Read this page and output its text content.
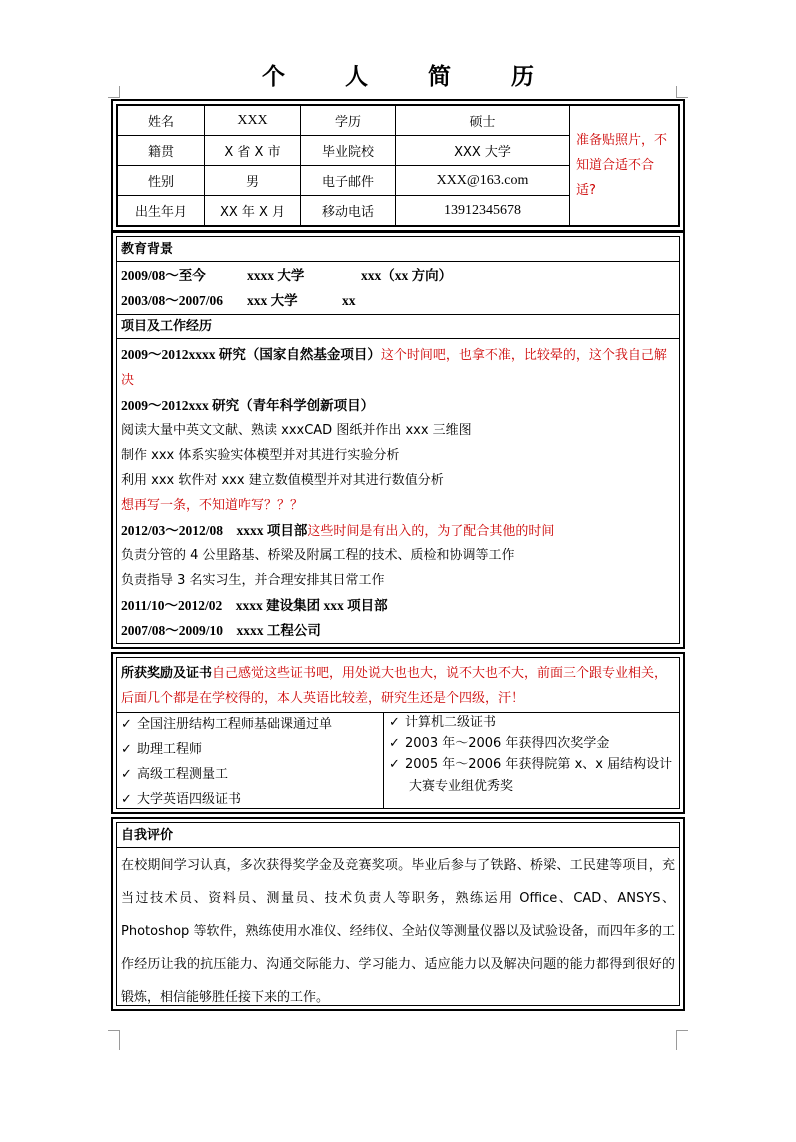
个 人 简 历
姓名	XXX	学历	硕士	准备贴照片，不知道合适不合适?
籍贯	X 省 X 市	毕业院校	XXX 大学	
性别	男	电子邮件	XXX@163.com	
出生年月	XX 年 X 月	移动电话	13912345678	
教育背景
2009/08～至今	xxxx 大学	xxx（xx 方向）
2003/08～2007/06 xxx 大学	xx
项目及工作经历
2009～2012xxxx 研究（国家自然基金项目）这个时间吧，也拿不准，比较晕的，这个我自己解决
2009～2012xxx 研究（青年科学创新项目）
阅读大量中英文文献、熟读 xxxCAD 图纸并作出 xxx 三维图
制作 xxx 体系实验实体模型并对其进行实验分析
利用 xxx 软件对 xxx 建立数值模型并对其进行数值分析
想再写一条，不知道咋写？？？
2012/03～2012/08    xxxx 项目部这些时间是有出入的，为了配合其他的时间
负责分管的 4 公里路基、桥梁及附属工程的技术、质检和协调等工作
负责指导 3 名实习生，并合理安排其日常工作
2011/10～2012/02    xxxx 建设集团 xxx 项目部
2007/08～2009/10    xxxx 工程公司
所获奖励及证书自己感觉这些证书吧，用处说大也也大，说不大也不大，前面三个跟专业相关，后面几个都是在学校得的，本人英语比较差，研究生还是个四级，汗！
✓ 全国注册结构工程师基础课通过单
✓ 助理工程师
✓ 高级工程测量工
✓ 大学英语四级证书
✓ 计算机二级证书
✓ 2003 年～2006 年获得四次奖学金
✓ 2005 年～2006 年获得院第 x、x 届结构设计大赛专业组优秀奖
自我评价
在校期间学习认真，多次获得奖学金及竞赛奖项。毕业后参与了铁路、桥梁、工民建等项目，充当过技术员、资料员、测量员、技术负责人等职务，熟练运用 Office、CAD、ANSYS、Photoshop 等软件，熟练使用水准仪、经纬仪、全站仪等测量仪器以及试验设备，而四年多的工作经历让我的抗压能力、沟通交际能力、学习能力、适应能力以及解决问题的能力都得到很好的锻炼，相信能够胜任接下来的工作。
